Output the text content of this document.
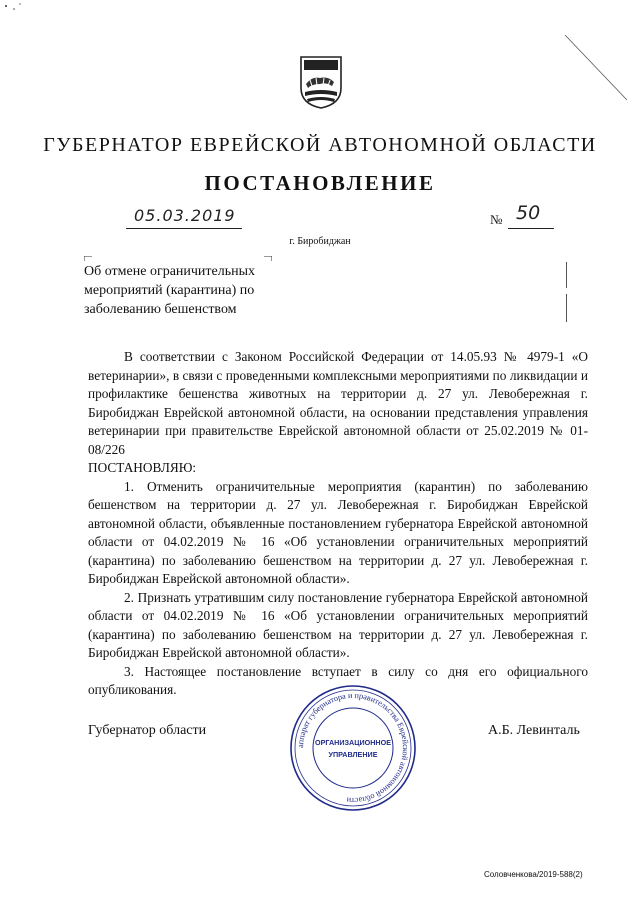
ГУБЕРНАТОР ЕВРЕЙСКОЙ АВТОНОМНОЙ ОБЛАСТИ
ПОСТАНОВЛЕНИЕ
05.03.2019	№ 50
г. Биробиджан
Об отмене ограничительных
мероприятий (карантина) по
заболеванию бешенством

В соответствии с Законом Российской Федерации от 14.05.93 № 4979-1 «О ветеринарии», в связи с проведенными комплексными мероприятиями по ликвидации и профилактике бешенства животных на территории д. 27 ул. Левобережная г. Биробиджан Еврейской автономной области, на основании представления управления ветеринарии при правительстве Еврейской автономной области от 25.02.2019 № 01-08/226

ПОСТАНОВЛЯЮ:

1. Отменить ограничительные мероприятия (карантин) по заболеванию бешенством на территории д. 27 ул. Левобережная г. Биробиджан Еврейской автономной области, объявленные постановлением губернатора Еврейской автономной области от 04.02.2019 № 16 «Об установлении ограничительных мероприятий (карантина) по заболеванию бешенством на территории д. 27 ул. Левобережная г. Биробиджан Еврейской автономной области».

2. Признать утратившим силу постановление губернатора Еврейской автономной области от 04.02.2019 № 16 «Об установлении ограничительных мероприятий (карантина) по заболеванию бешенством на территории д. 27 ул. Левобережная г. Биробиджан Еврейской автономной области».

3. Настоящее постановление вступает в силу со дня его официального опубликования.

Губернатор области	А.Б. Левинталь
аппарат губернатора и правительства Еврейской автономной области
ОРГАНИЗАЦИОННОЕ
УПРАВЛЕНИЕ
Соловченкова/2019-588(2)
